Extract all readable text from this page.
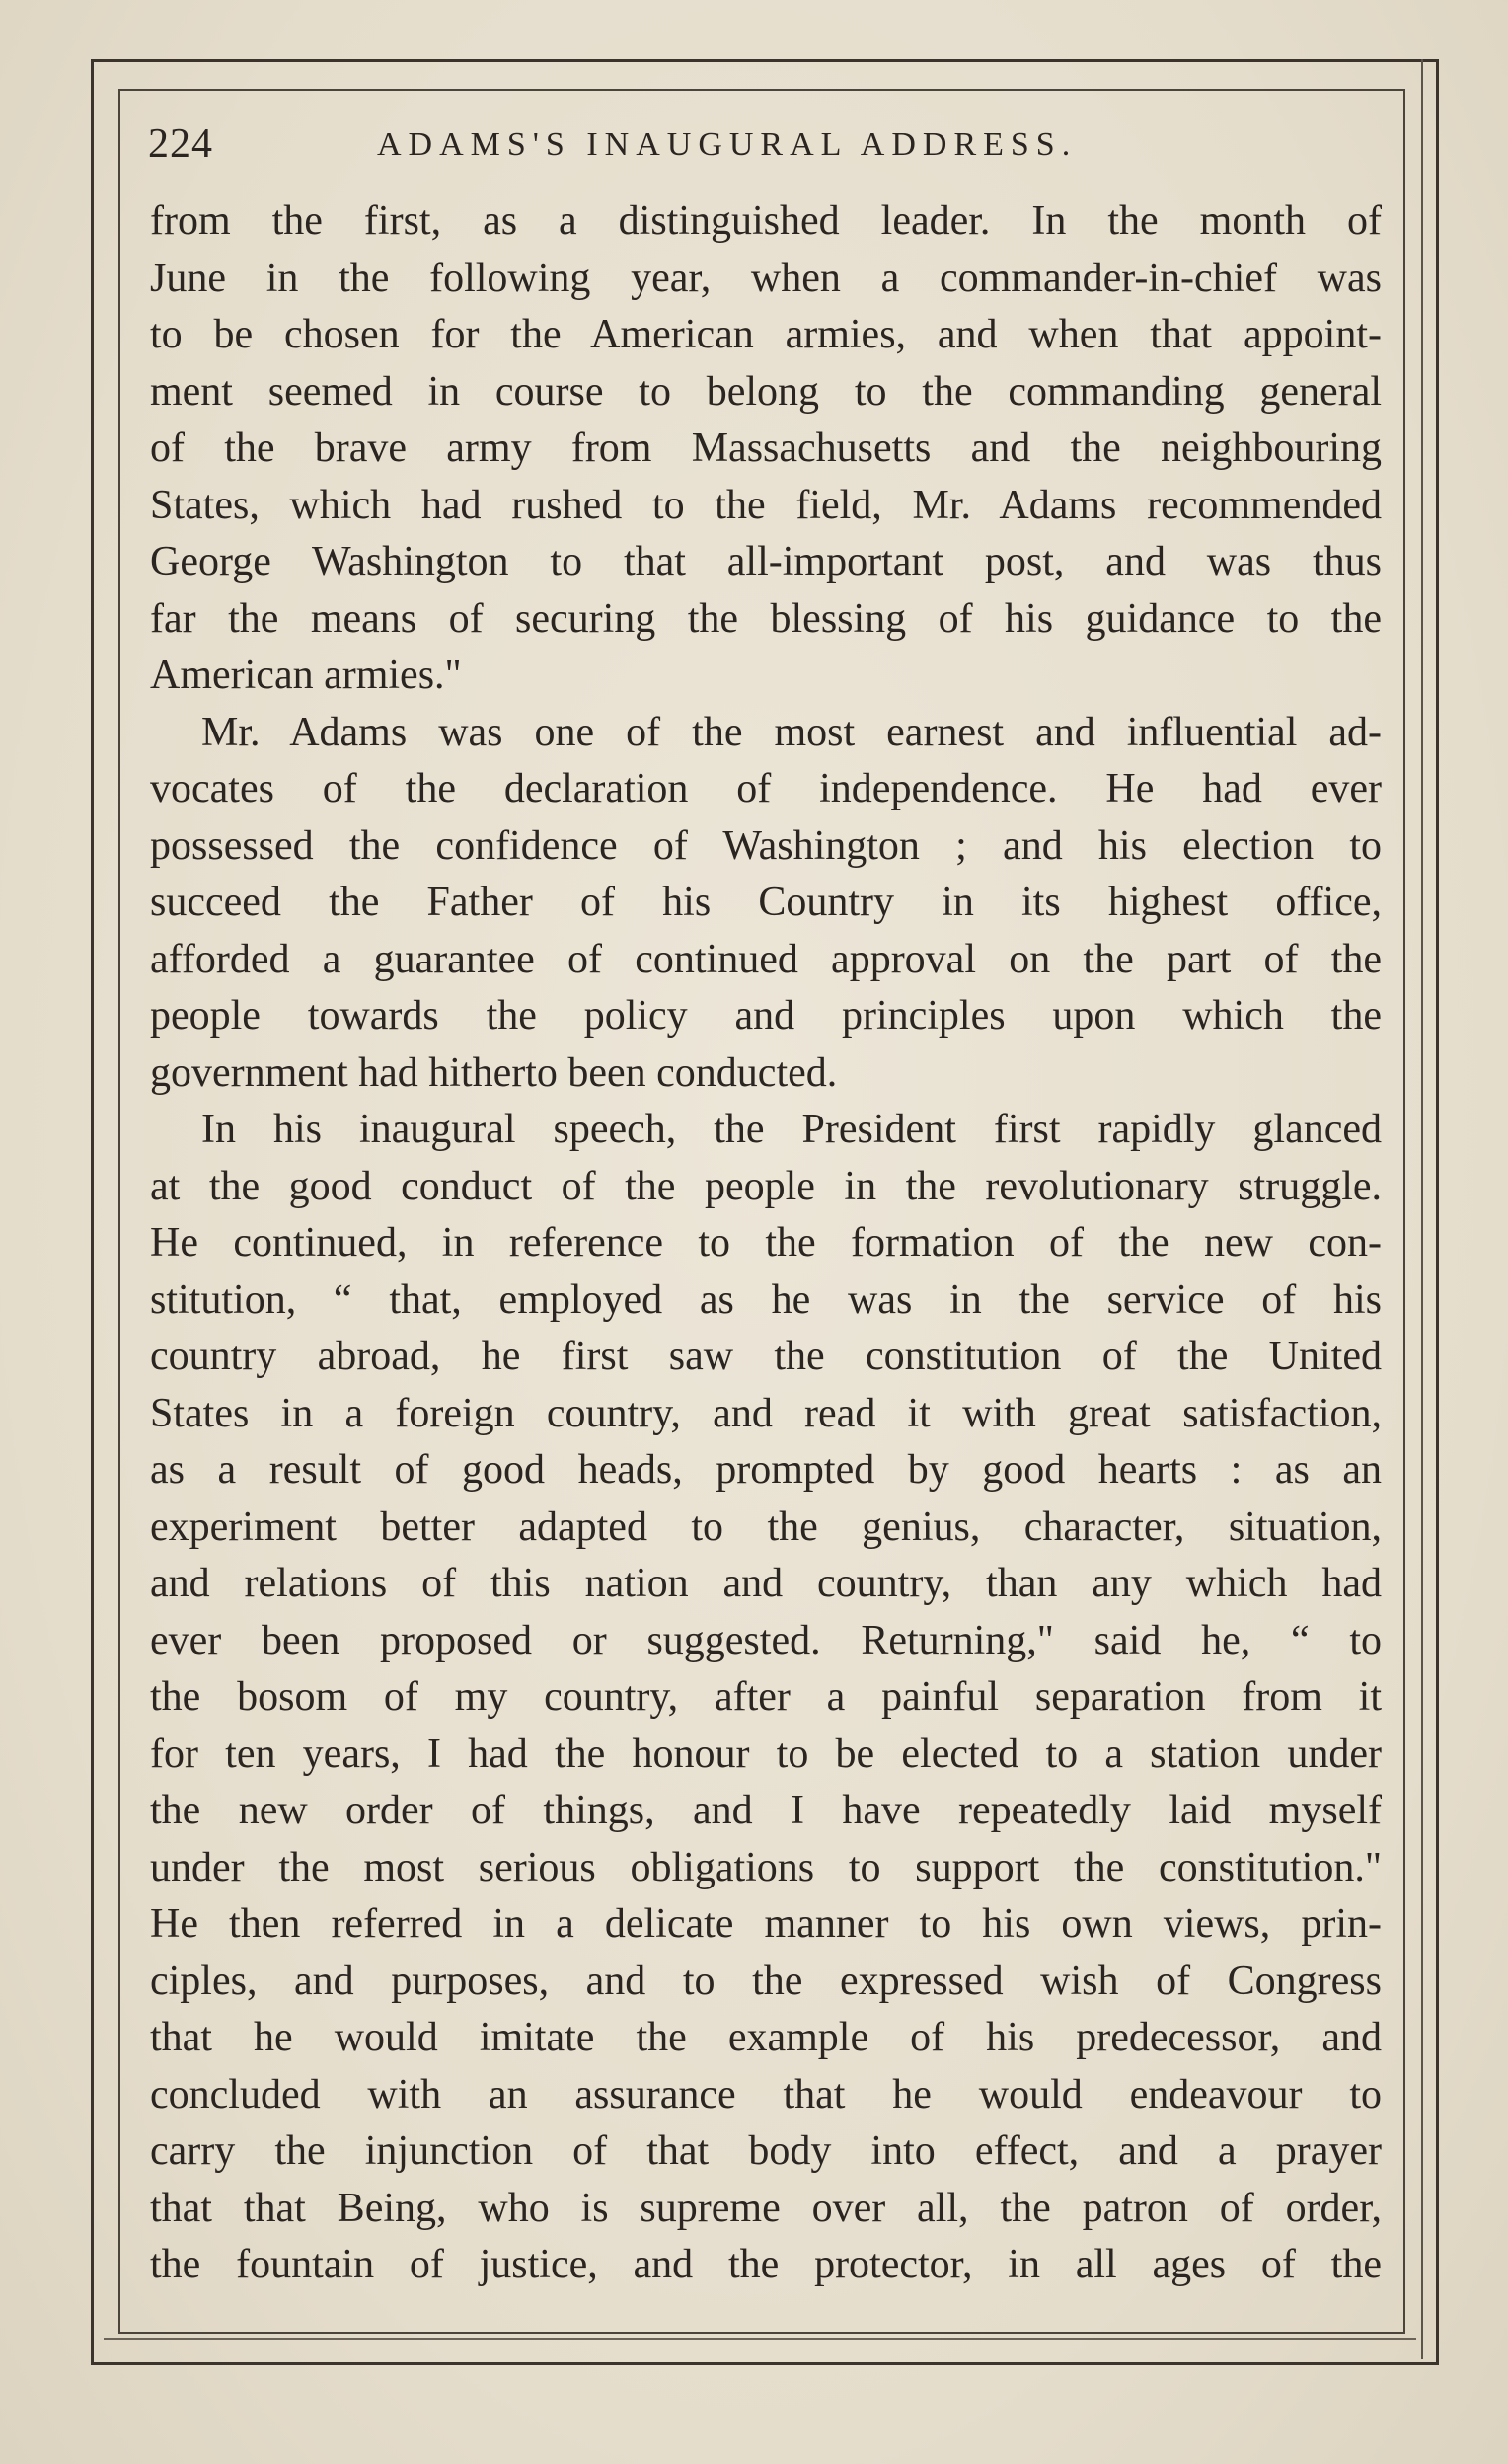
224	ADAMS'S INAUGURAL ADDRESS.
from the first, as a distinguished leader. In the month of
June in the following year, when a commander-in-chief was
to be chosen for the American armies, and when that appoint-
ment seemed in course to belong to the commanding general
of the brave army from Massachusetts and the neighbouring
States, which had rushed to the field, Mr. Adams recommended
George Washington to that all-important post, and was thus
far the means of securing the blessing of his guidance to the
American armies."
Mr. Adams was one of the most earnest and influential ad-
vocates of the declaration of independence. He had ever
possessed the confidence of Washington ; and his election to
succeed the Father of his Country in its highest office,
afforded a guarantee of continued approval on the part of the
people towards the policy and principles upon which the
government had hitherto been conducted.
In his inaugural speech, the President first rapidly glanced
at the good conduct of the people in the revolutionary struggle.
He continued, in reference to the formation of the new con-
stitution, “ that, employed as he was in the service of his
country abroad, he first saw the constitution of the United
States in a foreign country, and read it with great satisfaction,
as a result of good heads, prompted by good hearts : as an
experiment better adapted to the genius, character, situation,
and relations of this nation and country, than any which had
ever been proposed or suggested. Returning," said he, “ to
the bosom of my country, after a painful separation from it
for ten years, I had the honour to be elected to a station under
the new order of things, and I have repeatedly laid myself
under the most serious obligations to support the constitution."
He then referred in a delicate manner to his own views, prin-
ciples, and purposes, and to the expressed wish of Congress
that he would imitate the example of his predecessor, and
concluded with an assurance that he would endeavour to
carry the injunction of that body into effect, and a prayer
that that Being, who is supreme over all, the patron of order,
the fountain of justice, and the protector, in all ages of the
